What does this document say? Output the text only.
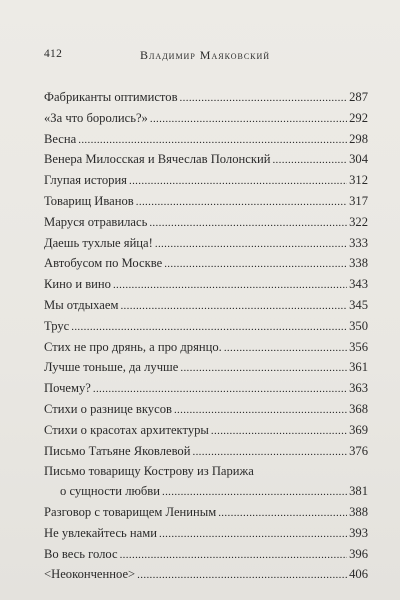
412	Владимир Маяковский
Фабриканты оптимистов . . .	287
«За что боролись?» . . .	292
Весна . . .	298
Венера Милосская и Вячеслав Полонский . . .	304
Глупая история . . .	312
Товарищ Иванов . . .	317
Маруся отравилась . . .	322
Даешь тухлые яйца! . . .	333
Автобусом по Москве . . .	338
Кино и вино . . .	343
Мы отдыхаем . . .	345
Трус . . .	350
Стих не про дрянь, а про дрянцо. . . .	356
Лучше тоньше, да лучше . . .	361
Почему? . . .	363
Стихи о разнице вкусов . . .	368
Стихи о красотах архитектуры . . .	369
Письмо Татьяне Яковлевой . . .	376
Письмо товарищу Кострову из Парижа
о сущности любви . . .	381
Разговор с товарищем Лениным . . .	388
Не увлекайтесь нами . . .	393
Во весь голос . . .	396
<Неоконченное> . . .	406
